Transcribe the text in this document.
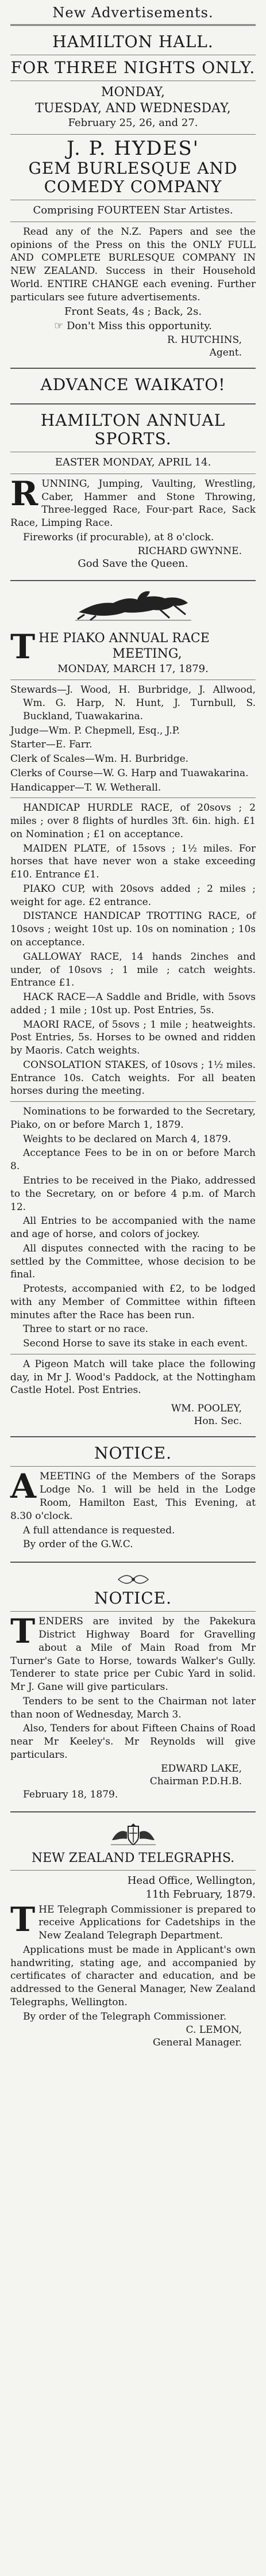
New Advertisements.
HAMILTON HALL.
FOR THREE NIGHTS ONLY.
MONDAY,
TUESDAY, AND WEDNESDAY,
February 25, 26, and 27.
J. P. HYDES'
GEM BURLESQUE AND
COMEDY COMPANY
Comprising FOURTEEN Star Artistes.

Read any of the N.Z. Papers and see the opinions of the Press on this the ONLY FULL AND COMPLETE BURLESQUE COMPANY IN NEW ZEALAND. Success in their Household World. ENTIRE CHANGE each evening. Further particulars see future advertisements.

Front Seats, 4s ; Back, 2s.
☞ Don't Miss this opportunity.
R. HUTCHINS,
Agent.
ADVANCE WAIKATO!
HAMILTON ANNUAL SPORTS.
EASTER MONDAY, APRIL 14.

RUNNING, Jumping, Vaulting, Wrestling, Caber, Hammer and Stone Throwing, Three-legged Race, Four-part Race, Sack Race, Limping Race.

Fireworks (if procurable), at 8 o'clock.

RICHARD GWYNNE.
God Save the Queen.
T HE PIAKO ANNUAL RACE
MEETING,
MONDAY, MARCH 17, 1879.

Stewards—J. Wood, H. Burbridge, J. Allwood, Wm. G. Harp, N. Hunt, J. Turnbull, S. Buckland, Tuawakarina.

Judge—Wm. P. Chepmell, Esq., J.P.

Starter—E. Farr.

Clerk of Scales—Wm. H. Burbridge.

Clerks of Course—W. G. Harp and Tuawakarina.

Handicapper—T. W. Wetherall.

HANDICAP HURDLE RACE, of 20sovs ; 2 miles ; over 8 flights of hurdles 3ft. 6in. high. £1 on Nomination ; £1 on acceptance.

MAIDEN PLATE, of 15sovs ; 1½ miles. For horses that have never won a stake exceeding £10. Entrance £1.

PIAKO CUP, with 20sovs added ; 2 miles ; weight for age. £2 entrance.

DISTANCE HANDICAP TROTTING RACE, of 10sovs ; weight 10st up. 10s on nomination ; 10s on acceptance.

GALLOWAY RACE, 14 hands 2inches and under, of 10sovs ; 1 mile ; catch weights. Entrance £1.

HACK RACE—A Saddle and Bridle, with 5sovs added ; 1 mile ; 10st up. Post Entries, 5s.

MAORI RACE, of 5sovs ; 1 mile ; heatweights. Post Entries, 5s. Horses to be owned and ridden by Maoris. Catch weights.

CONSOLATION STAKES, of 10sovs ; 1½ miles. Entrance 10s. Catch weights. For all beaten horses during the meeting.

Nominations to be forwarded to the Secretary, Piako, on or before March 1, 1879.

Weights to be declared on March 4, 1879.

Acceptance Fees to be in on or before March 8.

Entries to be received in the Piako, addressed to the Secretary, on or before 4 p.m. of March 12.

All Entries to be accompanied with the name and age of horse, and colors of jockey.

All disputes connected with the racing to be settled by the Committee, whose decision to be final.

Protests, accompanied with £2, to be lodged with any Member of Committee within fifteen minutes after the Race has been run.

Three to start or no race.

Second Horse to save its stake in each event.

A Pigeon Match will take place the following day, in Mr J. Wood's Paddock, at the Nottingham Castle Hotel. Post Entries.

WM. POOLEY,
Hon. Sec.
NOTICE.

AMEETING of the Members of the Soraps Lodge No. 1 will be held in the Lodge Room, Hamilton East, This Evening, at 8.30 o'clock.

A full attendance is requested.

By order of the G.W.C.

NOTICE.

TENDERS are invited by the Pakekura District Highway Board for Gravelling about a Mile of Main Road from Mr Turner's Gate to Horse, towards Walker's Gully. Tenderer to state price per Cubic Yard in solid. Mr J. Gane will give particulars.

Tenders to be sent to the Chairman not later than noon of Wednesday, March 3.

Also, Tenders for about Fifteen Chains of Road near Mr Keeley's. Mr Reynolds will give particulars.

EDWARD LAKE,
Chairman P.D.H.B.

February 18, 1879.

NEW ZEALAND TELEGRAPHS.
Head Office, Wellington,
11th February, 1879.

THE Telegraph Commissioner is prepared to receive Applications for Cadetships in the New Zealand Telegraph Department.

Applications must be made in Applicant's own handwriting, stating age, and accompanied by certificates of character and education, and be addressed to the General Manager, New Zealand Telegraphs, Wellington.

By order of the Telegraph Commissioner.

C. LEMON,
General Manager.
